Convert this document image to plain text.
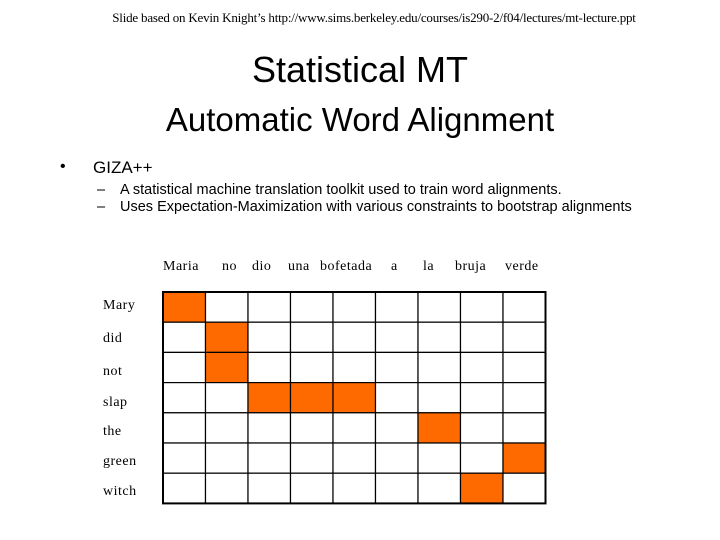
Slide based on Kevin Knight’s http://www.sims.berkeley.edu/courses/is290-2/f04/lectures/mt-lecture.ppt
Statistical MT
Automatic Word Alignment
• GIZA++
– A statistical machine translation toolkit used to train word alignments.
– Uses Expectation-Maximization with various constraints to bootstrap alignments
Maria no dio una bofetada a la bruja verde
Mary
did
not
slap
the
green
witch
